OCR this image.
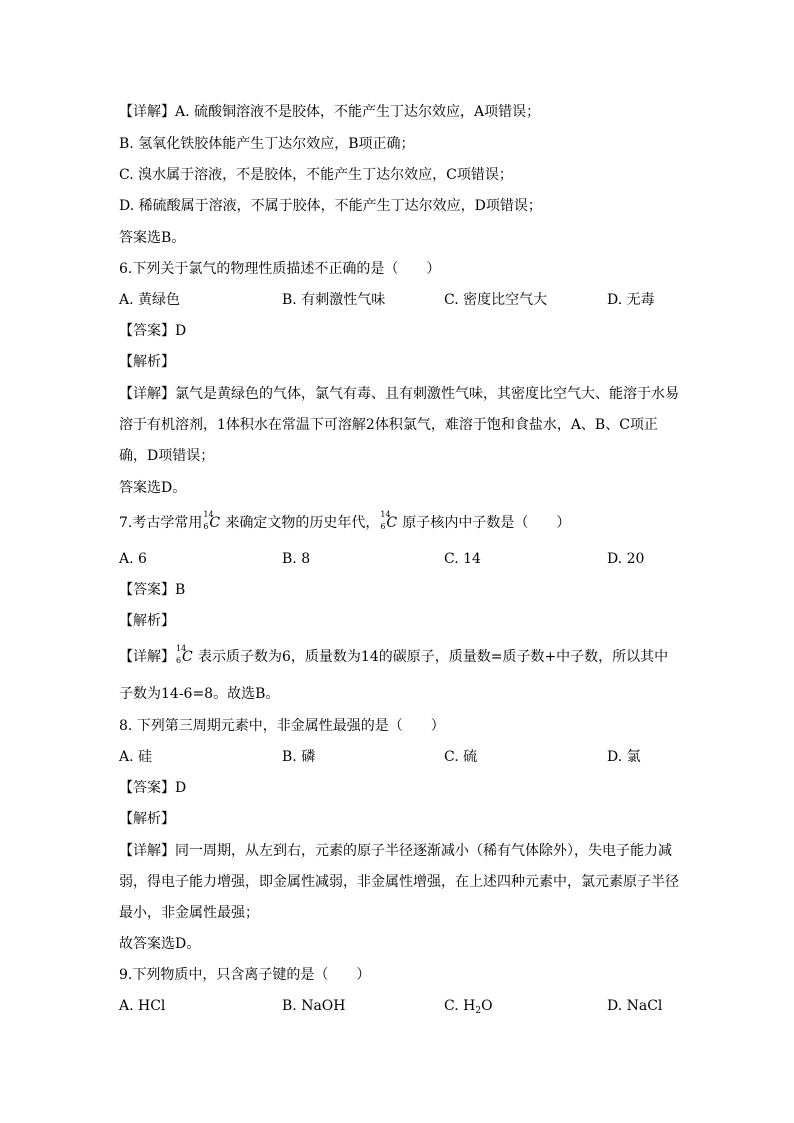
【详解】A. 硫酸铜溶液不是胶体，不能产生丁达尔效应，A项错误；
B. 氢氧化铁胶体能产生丁达尔效应，B项正确；
C. 溴水属于溶液，不是胶体，不能产生丁达尔效应，C项错误；
D. 稀硫酸属于溶液，不属于胶体，不能产生丁达尔效应，D项错误；
答案选B。
6.下列关于氯气的物理性质描述不正确的是（　　）
A. 黄绿色	B. 有刺激性气味	C. 密度比空气大	D. 无毒
【答案】D
【解析】
【详解】氯气是黄绿色的气体，氯气有毒、且有刺激性气味，其密度比空气大、能溶于水易
溶于有机溶剂，1体积水在常温下可溶解2体积氯气，难溶于饱和食盐水，A、B、C项正
确，D项错误；
答案选D。
7.考古学常用
14
6 C 来确定文物的历史年代，
14
6 C 原子核内中子数是（　　）
A. 6	B. 8	C. 14	D. 20
【答案】B
【解析】
【详解】
14
6 C 表示质子数为6，质量数为14的碳原子，质量数=质子数+中子数，所以其中
子数为14-6=8。故选B。
8. 下列第三周期元素中，非金属性最强的是（　　）
A. 硅	B. 磷	C. 硫	D. 氯
【答案】D
【解析】
【详解】同一周期，从左到右，元素的原子半径逐渐减小（稀有气体除外），失电子能力减
弱，得电子能力增强，即金属性减弱，非金属性增强，在上述四种元素中，氯元素原子半径
最小，非金属性最强；
故答案选D。
9.下列物质中，只含离子键的是（　　）
A. HCl	B. NaOH	C. $H_2O$	D. NaCl
